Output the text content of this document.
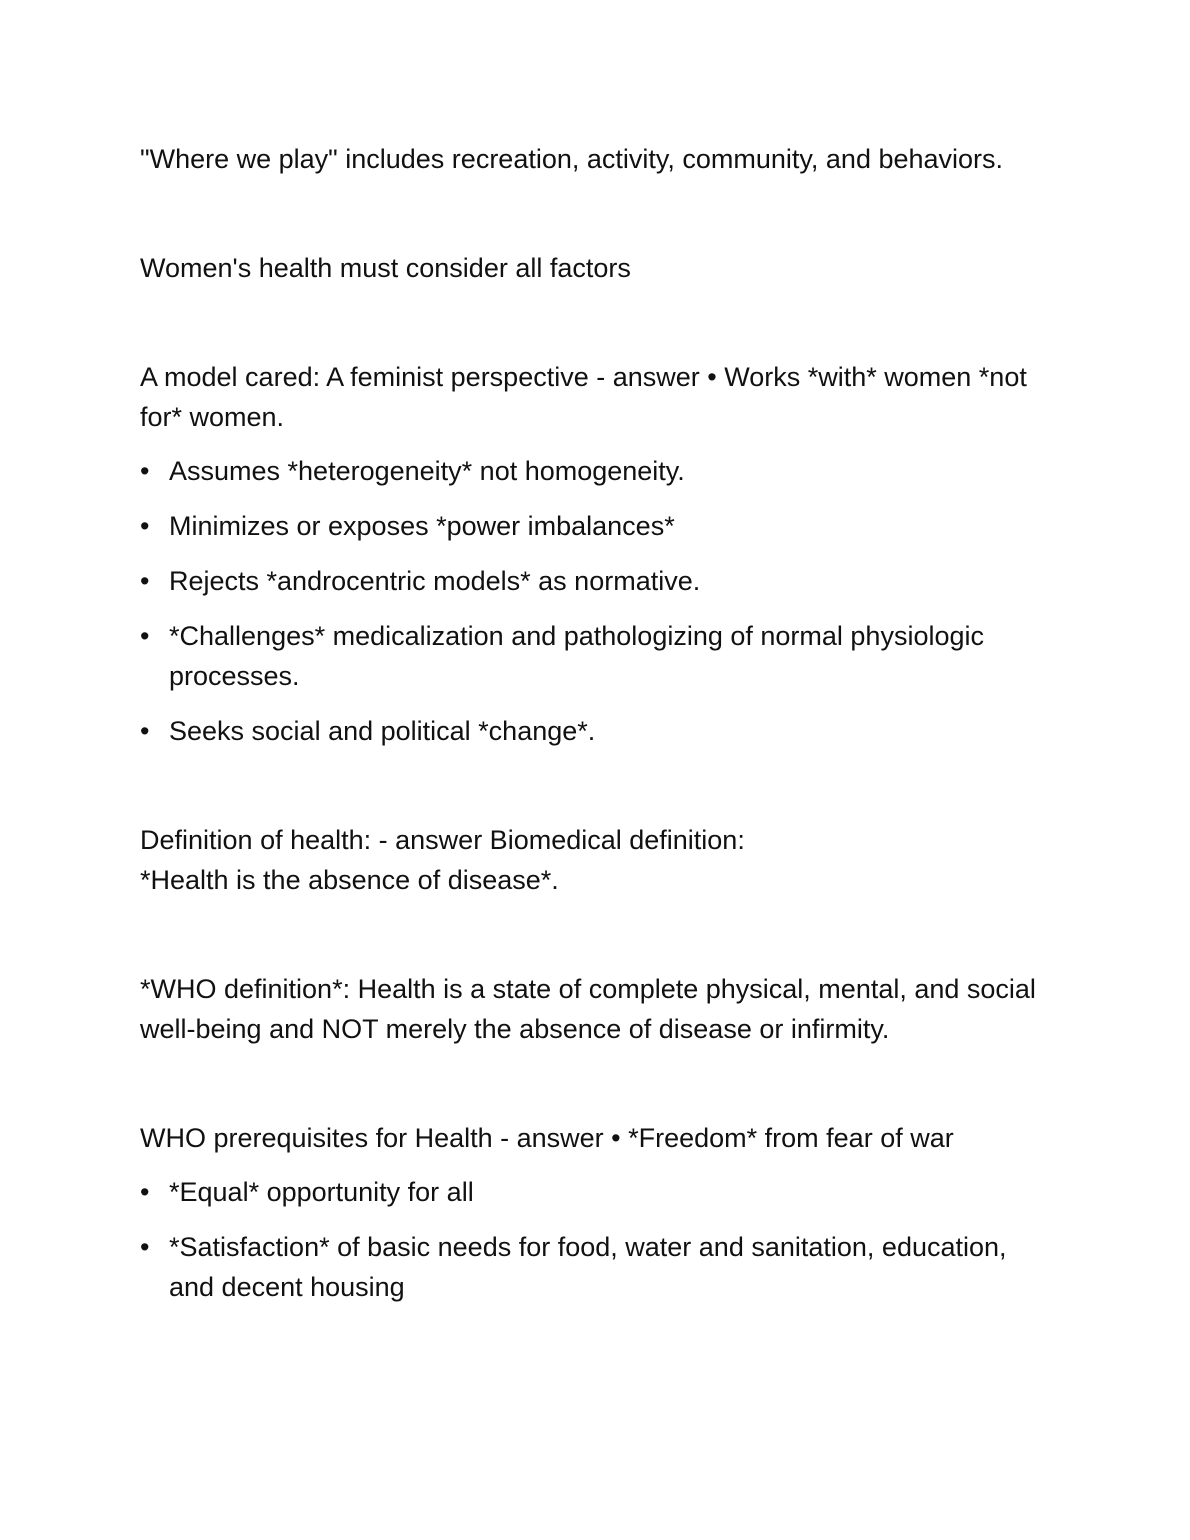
"Where we play" includes recreation, activity, community, and behaviors.

Women's health must consider all factors

A model cared: A feminist perspective - answer • Works *with* women *not for* women.

• Assumes *heterogeneity* not homogeneity.
• Minimizes or exposes *power imbalances*
• Rejects *androcentric models* as normative.
• *Challenges* medicalization and pathologizing of normal physiologic processes.
• Seeks social and political *change*.

Definition of health: - answer Biomedical definition:
*Health is the absence of disease*.

*WHO definition*: Health is a state of complete physical, mental, and social well-being and NOT merely the absence of disease or infirmity.

WHO prerequisites for Health - answer • *Freedom* from fear of war

• *Equal* opportunity for all
• *Satisfaction* of basic needs for food, water and sanitation, education, and decent housing
